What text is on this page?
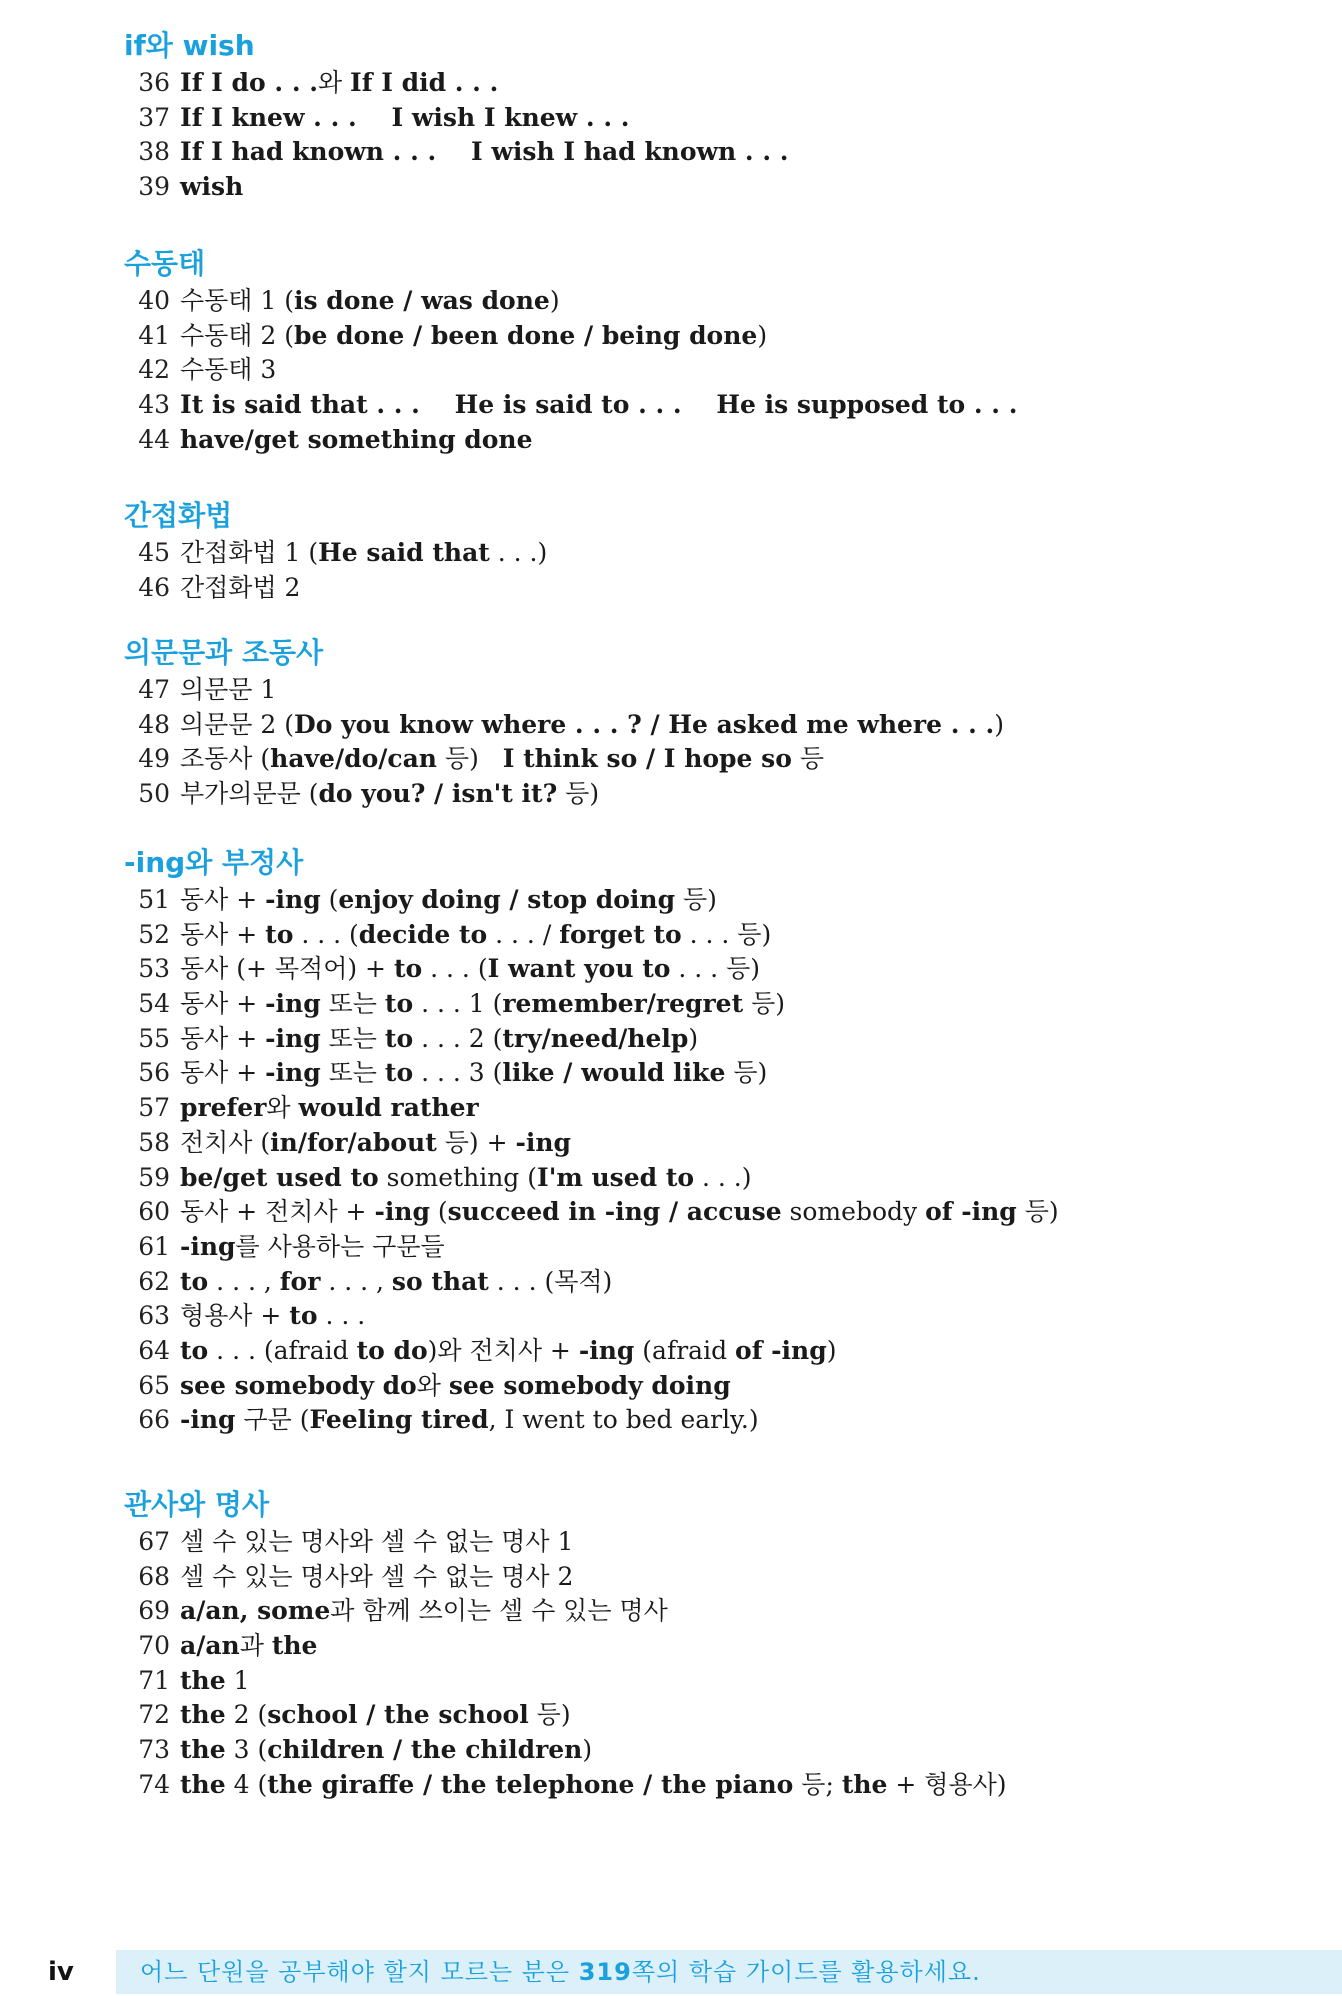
if와 wish
36 If I do . . .와 If I did . . .
37 If I knew . . .    I wish I knew . . .
38 If I had known . . .    I wish I had known . . .
39 wish
수동태
40 수동태 1 (is done / was done)
41 수동태 2 (be done / been done / being done)
42 수동태 3
43 It is said that . . .    He is said to . . .    He is supposed to . . .
44 have/get something done
간접화법
45 간접화법 1 (He said that . . .)
46 간접화법 2
의문문과 조동사
47 의문문 1
48 의문문 2 (Do you know where . . . ? / He asked me where . . .)
49 조동사 (have/do/can 등)   I think so / I hope so 등
50 부가의문문 (do you? / isn't it? 등)
-ing와 부정사
51 동사 + -ing (enjoy doing / stop doing 등)
52 동사 + to . . . (decide to . . . / forget to . . . 등)
53 동사 (+ 목적어) + to . . . (I want you to . . . 등)
54 동사 + -ing 또는 to . . . 1 (remember/regret 등)
55 동사 + -ing 또는 to . . . 2 (try/need/help)
56 동사 + -ing 또는 to . . . 3 (like / would like 등)
57 prefer와 would rather
58 전치사 (in/for/about 등) + -ing
59 be/get used to something (I'm used to . . .)
60 동사 + 전치사 + -ing (succeed in -ing / accuse somebody of -ing 등)
61 -ing를 사용하는 구문들
62 to . . . , for . . . , so that . . . (목적)
63 형용사 + to . . .
64 to . . . (afraid to do)와 전치사 + -ing (afraid of -ing)
65 see somebody do와 see somebody doing
66 -ing 구문 (Feeling tired, I went to bed early.)
관사와 명사
67 셀 수 있는 명사와 셀 수 없는 명사 1
68 셀 수 있는 명사와 셀 수 없는 명사 2
69 a/an, some과 함께 쓰이는 셀 수 있는 명사
70 a/an과 the
71 the 1
72 the 2 (school / the school 등)
73 the 3 (children / the children)
74 the 4 (the giraffe / the telephone / the piano 등; the + 형용사)
iv	어느 단원을 공부해야 할지 모르는 분은 319쪽의 학습 가이드를 활용하세요.
